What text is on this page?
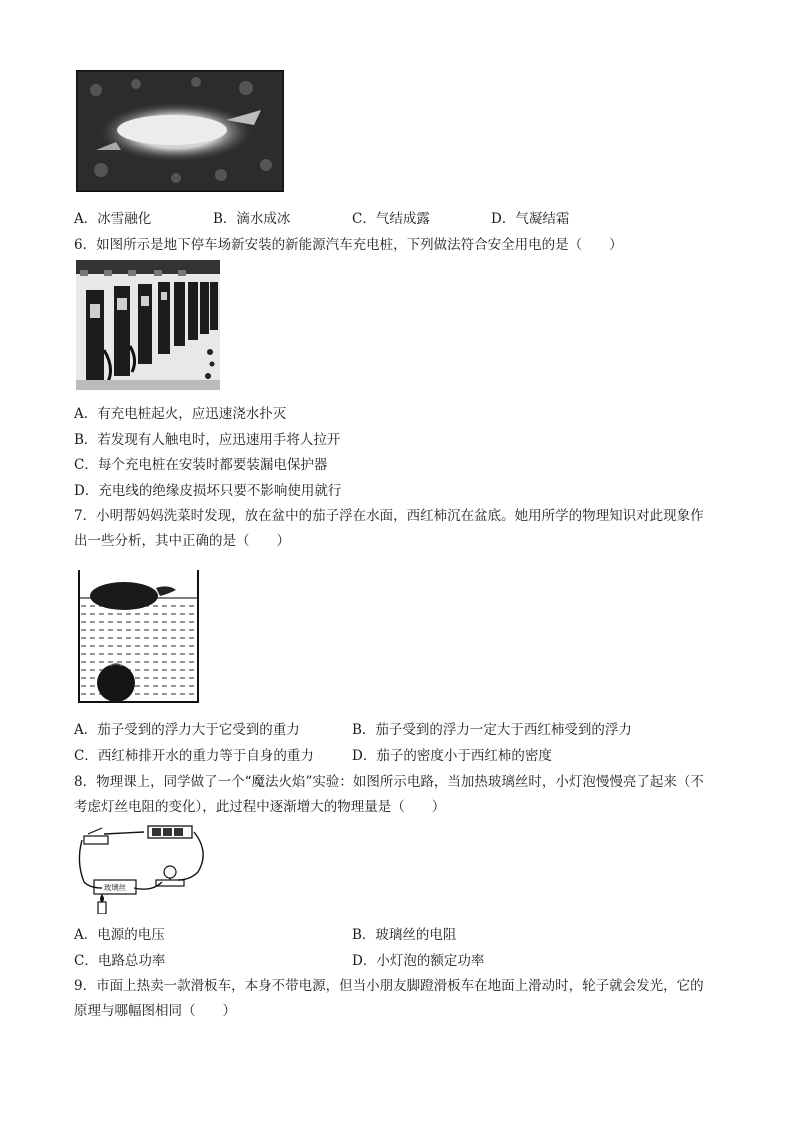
A．冰雪融化	B．滴水成冰	C．气结成露	D．气凝结霜
6．如图所示是地下停车场新安装的新能源汽车充电桩，下列做法符合安全用电的是（　　）
A．有充电桩起火，应迅速浇水扑灭
B．若发现有人触电时，应迅速用手将人拉开
C．每个充电桩在安装时都要装漏电保护器
D．充电线的绝缘皮损坏只要不影响使用就行
7．小明帮妈妈洗菜时发现，放在盆中的茄子浮在水面，西红柿沉在盆底。她用所学的物理知识对此现象作
出一些分析，其中正确的是（　　）
A．茄子受到的浮力大于它受到的重力	B．茄子受到的浮力一定大于西红柿受到的浮力
C．西红柿排开水的重力等于自身的重力	D．茄子的密度小于西红柿的密度
8．物理课上，同学做了一个“魔法火焰”实验：如图所示电路，当加热玻璃丝时，小灯泡慢慢亮了起来（不
考虑灯丝电阻的变化），此过程中逐渐增大的物理量是（　　）
玻璃丝
A．电源的电压	B．玻璃丝的电阻
C．电路总功率	D．小灯泡的额定功率
9．市面上热卖一款滑板车，本身不带电源，但当小朋友脚蹬滑板车在地面上滑动时，轮子就会发光，它的
原理与哪幅图相同（　　）
